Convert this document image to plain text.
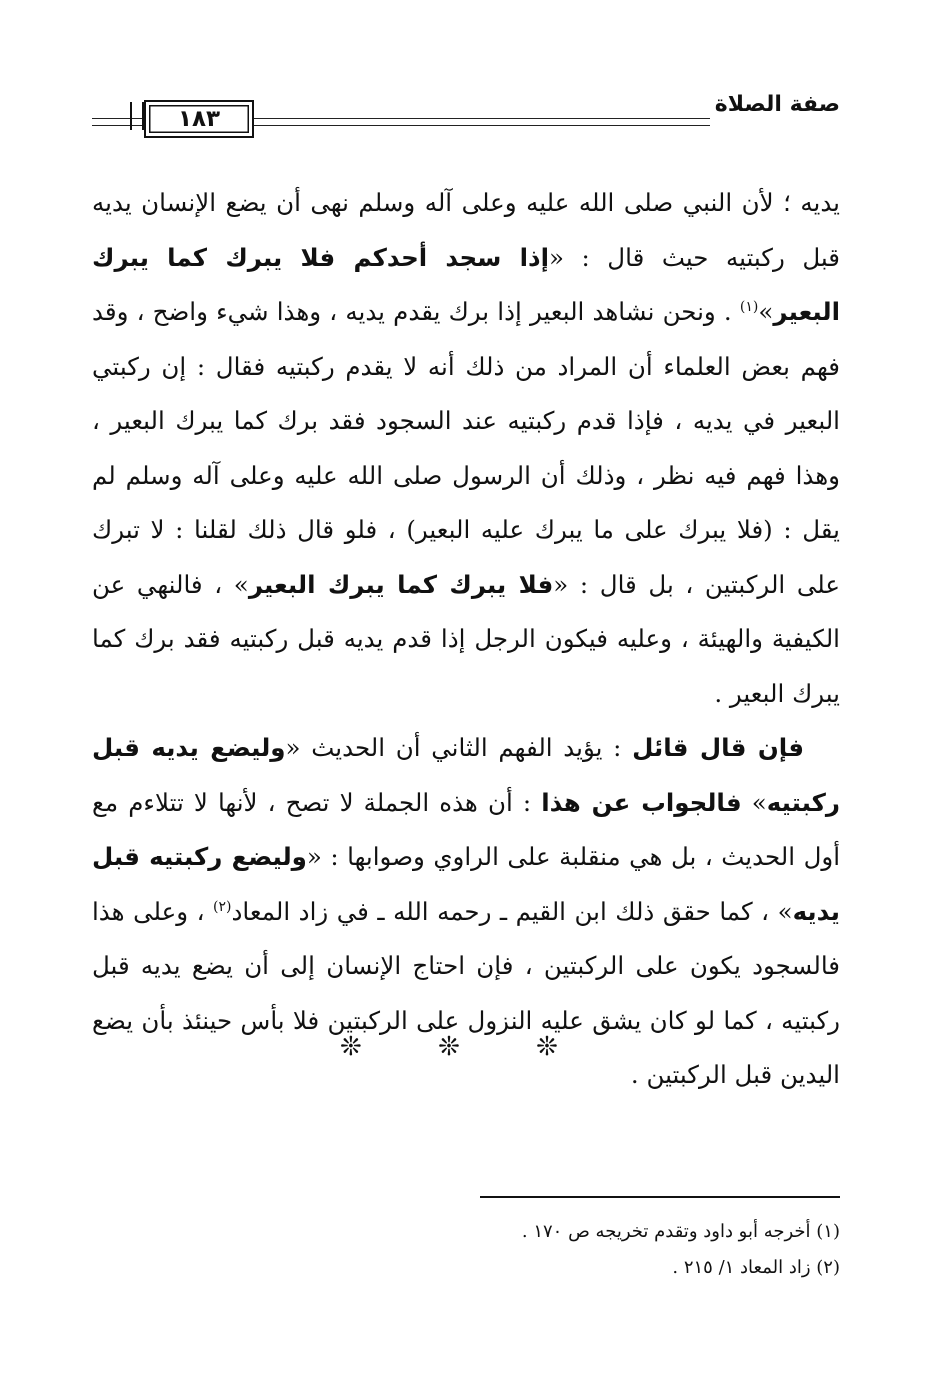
١٨٣
صفة الصلاة

يديه ؛ لأن النبي صلى الله عليه وعلى آله وسلم نهى أن يضع الإنسان يديه قبل ركبتيه حيث قال : «إذا سجد أحدكم فلا يبرك كما يبرك البعير»$^{(١)}$ . ونحن نشاهد البعير إذا برك يقدم يديه ، وهذا شيء واضح ، وقد فهم بعض العلماء أن المراد من ذلك أنه لا يقدم ركبتيه فقال : إن ركبتي البعير في يديه ، فإذا قدم ركبتيه عند السجود فقد برك كما يبرك البعير ، وهذا فهم فيه نظر ، وذلك أن الرسول صلى الله عليه وعلى آله وسلم لم يقل : (فلا يبرك على ما يبرك عليه البعير) ، فلو قال ذلك لقلنا : لا تبرك على الركبتين ، بل قال : «فلا يبرك كما يبرك البعير» ، فالنهي عن الكيفية والهيئة ، وعليه فيكون الرجل إذا قدم يديه قبل ركبتيه فقد برك كما يبرك البعير .

فإن قال قائل : يؤيد الفهم الثاني أن الحديث «وليضع يديه قبل ركبتيه» فالجواب عن هذا : أن هذه الجملة لا تصح ، لأنها لا تتلاءم مع أول الحديث ، بل هي منقلبة على الراوي وصوابها : «وليضع ركبتيه قبل يديه» ، كما حقق ذلك ابن القيم ـ رحمه الله ـ في زاد المعاد$^{(٢)}$ ، وعلى هذا فالسجود يكون على الركبتين ، فإن احتاج الإنسان إلى أن يضع يديه قبل ركبتيه ، كما لو كان يشق عليه النزول على الركبتين فلا بأس حينئذ بأن يضع اليدين قبل الركبتين .

❊ ❊ ❊
(١) أخرجه أبو داود وتقدم تخريجه ص ١٧٠ .
(٢) زاد المعاد ١/ ٢١٥ .
